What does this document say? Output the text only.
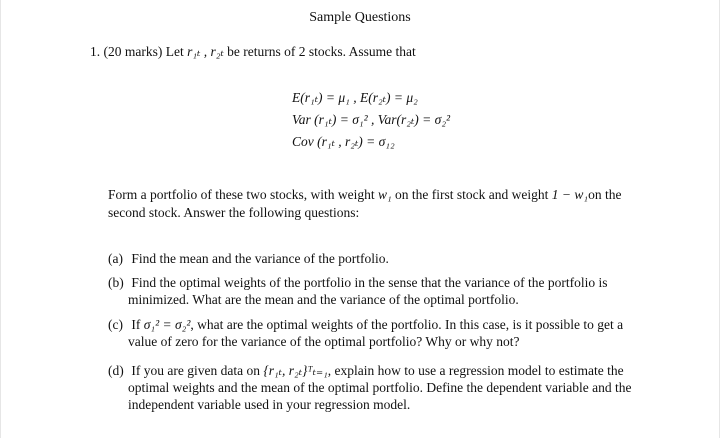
Sample Questions
1. (20 marks) Let r₁ₜ , r₂ₜ be returns of 2 stocks. Assume that
E(r₁ₜ) = μ₁ , E(r₂ₜ) = μ₂
Var (r₁ₜ) = σ₁² , Var(r₂ₜ) = σ₂²
Cov (r₁ₜ , r₂ₜ) = σ₁₂
Form a portfolio of these two stocks, with weight w₁ on the first stock and weight 1 − w₁on the
second stock. Answer the following questions:
(a) Find the mean and the variance of the portfolio.
(b) Find the optimal weights of the portfolio in the sense that the variance of the portfolio is
minimized. What are the mean and the variance of the optimal portfolio.
(c) If σ₁² = σ₂², what are the optimal weights of the portfolio. In this case, is it possible to get a
value of zero for the variance of the optimal portfolio? Why or why not?
(d) If you are given data on {r₁ₜ, r₂ₜ}ᵀₜ₌₁, explain how to use a regression model to estimate the
optimal weights and the mean of the optimal portfolio. Define the dependent variable and the
independent variable used in your regression model.
